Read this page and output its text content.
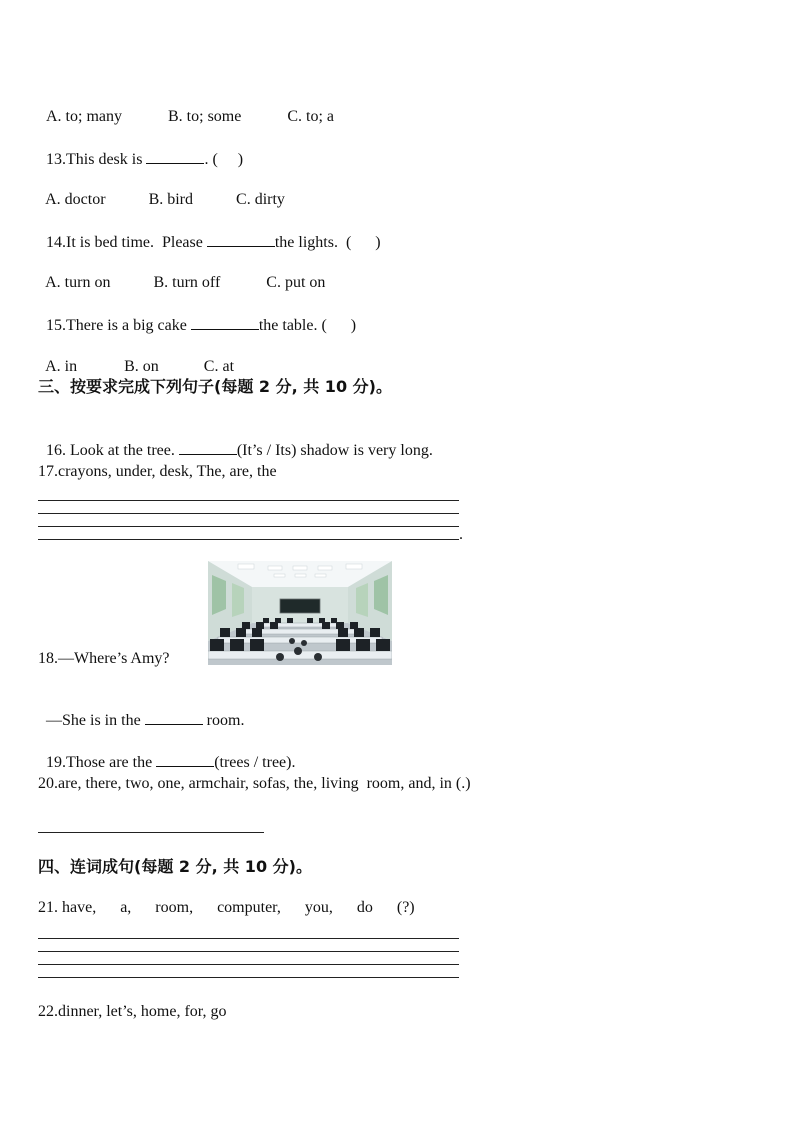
A. to; many	B. to; some	C. to; a

13.This desk is	. (     )

A. doctor	B. bird	C. dirty

14.It is bed time.  Please	the lights.  (      )

A. turn on	B. turn off	C. put on

15.There is a big cake	the table. (      )

A. in	B. on	C. at

三、按要求完成下列句子(每题 2 分, 共 10 分)。

16. Look at the tree.	(It’s / Its) shadow is very long.

17.crayons, under, desk, The, are, the
.
18.—Where’s Amy?

—She is in the	room.

19.Those are the	(trees / tree).

20.are, there, two, one, armchair, sofas, the, living  room, and, in (.)
四、连词成句(每题 2 分, 共 10 分)。
21. have,      a,      room,      computer,      you,      do      (?)
22.dinner, let’s, home, for, go
